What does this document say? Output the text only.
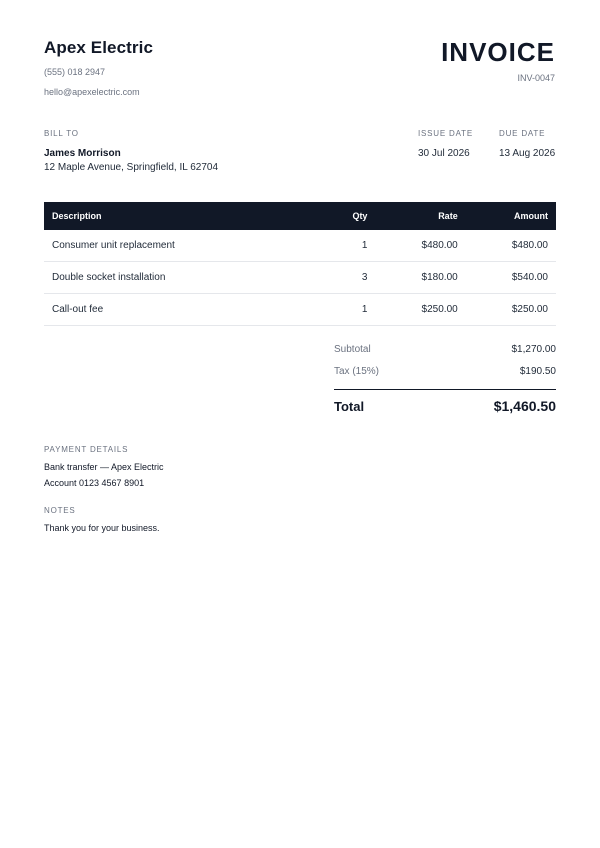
Apex Electric
(555) 018 2947
hello@apexelectric.com
INVOICE
INV-0047
BILL TO
James Morrison
12 Maple Avenue, Springfield, IL 62704
ISSUE DATE
30 Jul 2026
DUE DATE
13 Aug 2026
Description	Qty	Rate	Amount
Consumer unit replacement	1	$480.00	$480.00
Double socket installation	3	$180.00	$540.00
Call-out fee	1	$250.00	$250.00
Subtotal	$1,270.00
Tax (15%)	$190.50
Total	$1,460.50
PAYMENT DETAILS
Bank transfer — Apex Electric
Account 0123 4567 8901
NOTES
Thank you for your business.
